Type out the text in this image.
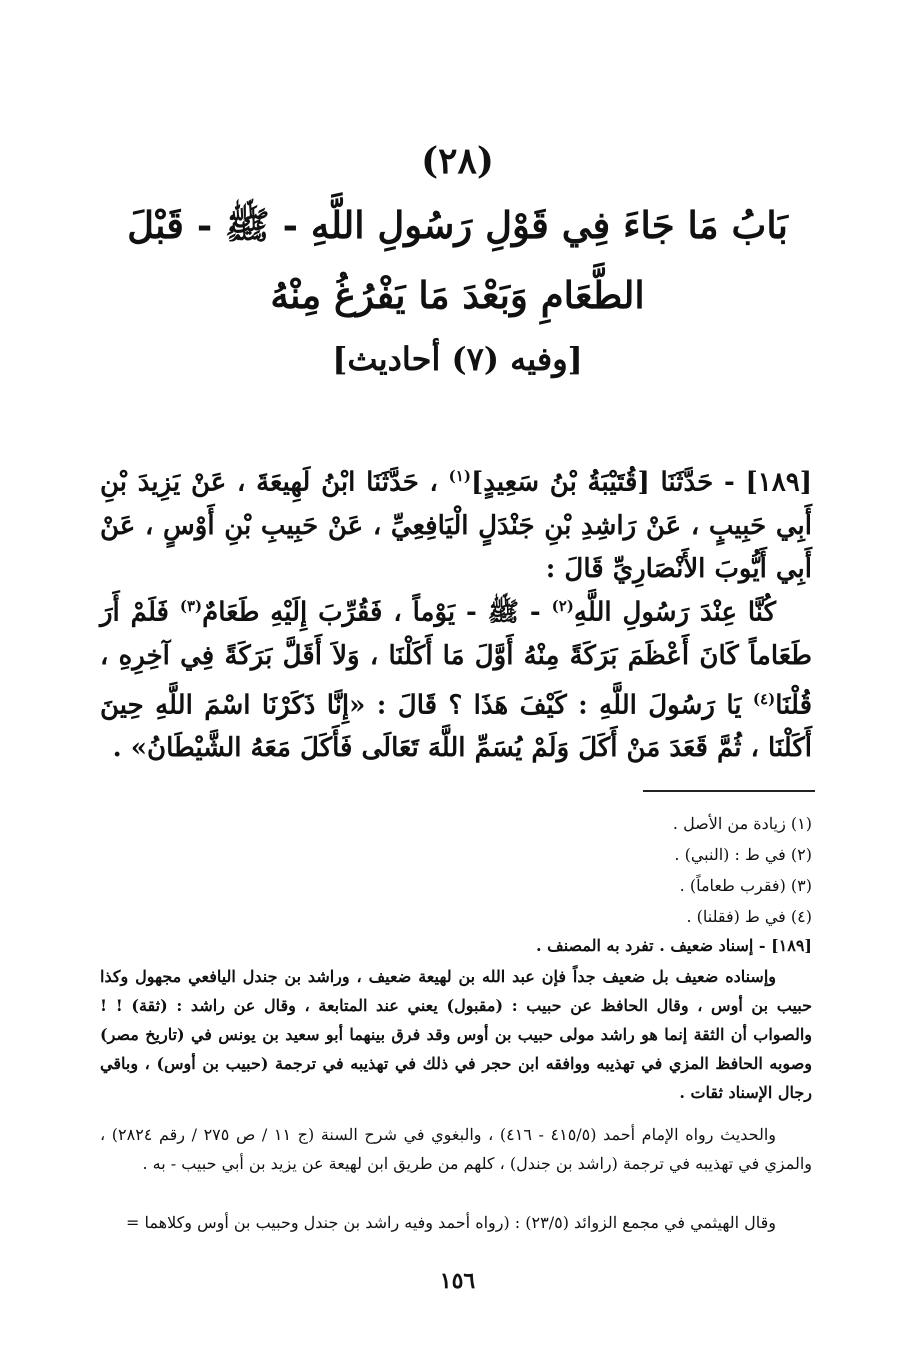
(٢٨)
بَابُ مَا جَاءَ فِي قَوْلِ رَسُولِ اللَّهِ - ﷺ - قَبْلَ الطَّعَامِ وَبَعْدَ مَا يَفْرُغُ مِنْهُ
[وفيه (٧) أحاديث]

[١٨٩] - حَدَّثَنَا [قُتَيْبَةُ بْنُ سَعِيدٍ]$^{(١)}$ ، حَدَّثَنَا ابْنُ لَهِيعَةَ ، عَنْ يَزِيدَ بْنِ أَبِي حَبِيبٍ ، عَنْ رَاشِدِ بْنِ جَنْدَلٍ الْيَافِعِيِّ ، عَنْ حَبِيبِ بْنِ أَوْسٍ ، عَنْ أَبِي أَيُّوبَ الأَنْصَارِيِّ قَالَ :

كُنَّا عِنْدَ رَسُولِ اللَّهِ$^{(٢)}$ - ﷺ - يَوْماً ، فَقُرِّبَ إِلَيْهِ طَعَامٌ$^{(٣)}$ فَلَمْ أَرَ طَعَاماً كَانَ أَعْظَمَ بَرَكَةً مِنْهُ أَوَّلَ مَا أَكَلْنَا ، وَلاَ أَقَلَّ بَرَكَةً فِي آخِرِهِ ، قُلْنَا$^{(٤)}$ يَا رَسُولَ اللَّهِ : كَيْفَ هَذَا ؟ قَالَ : «إِنَّا ذَكَرْنَا اسْمَ اللَّهِ حِينَ أَكَلْنَا ، ثُمَّ قَعَدَ مَنْ أَكَلَ وَلَمْ يُسَمِّ اللَّهَ تَعَالَى فَأَكَلَ مَعَهُ الشَّيْطَانُ» .

(١) زيادة من الأصل .
(٢) في ط : (النبي) .
(٣) (فقرب طعاماً) .
(٤) في ط (فقلنا) .

[١٨٩] - إسناد ضعيف . تفرد به المصنف .

وإسناده ضعيف بل ضعيف جداً فإن عبد الله بن لهيعة ضعيف ، وراشد بن جندل اليافعي مجهول وكذا حبيب بن أوس ، وقال الحافظ عن حبيب : (مقبول) يعني عند المتابعة ، وقال عن راشد : (ثقة) ! ! والصواب أن الثقة إنما هو راشد مولى حبيب بن أوس وقد فرق بينهما أبو سعيد بن يونس في (تاريخ مصر) وصوبه الحافظ المزي في تهذيبه ووافقه ابن حجر في ذلك في تهذيبه في ترجمة (حبيب بن أوس) ، وباقي رجال الإسناد ثقات .

والحديث رواه الإمام أحمد (٤١٥/٥ - ٤١٦) ، والبغوي في شرح السنة (ج ١١ / ص ٢٧٥ / رقم ٢٨٢٤) ، والمزي في تهذيبه في ترجمة (راشد بن جندل) ، كلهم من طريق ابن لهيعة عن يزيد بن أبي حبيب - به .

وقال الهيثمي في مجمع الزوائد (٢٣/٥) : (رواه أحمد وفيه راشد بن جندل وحبيب بن أوس وكلاهما =

١٥٦
